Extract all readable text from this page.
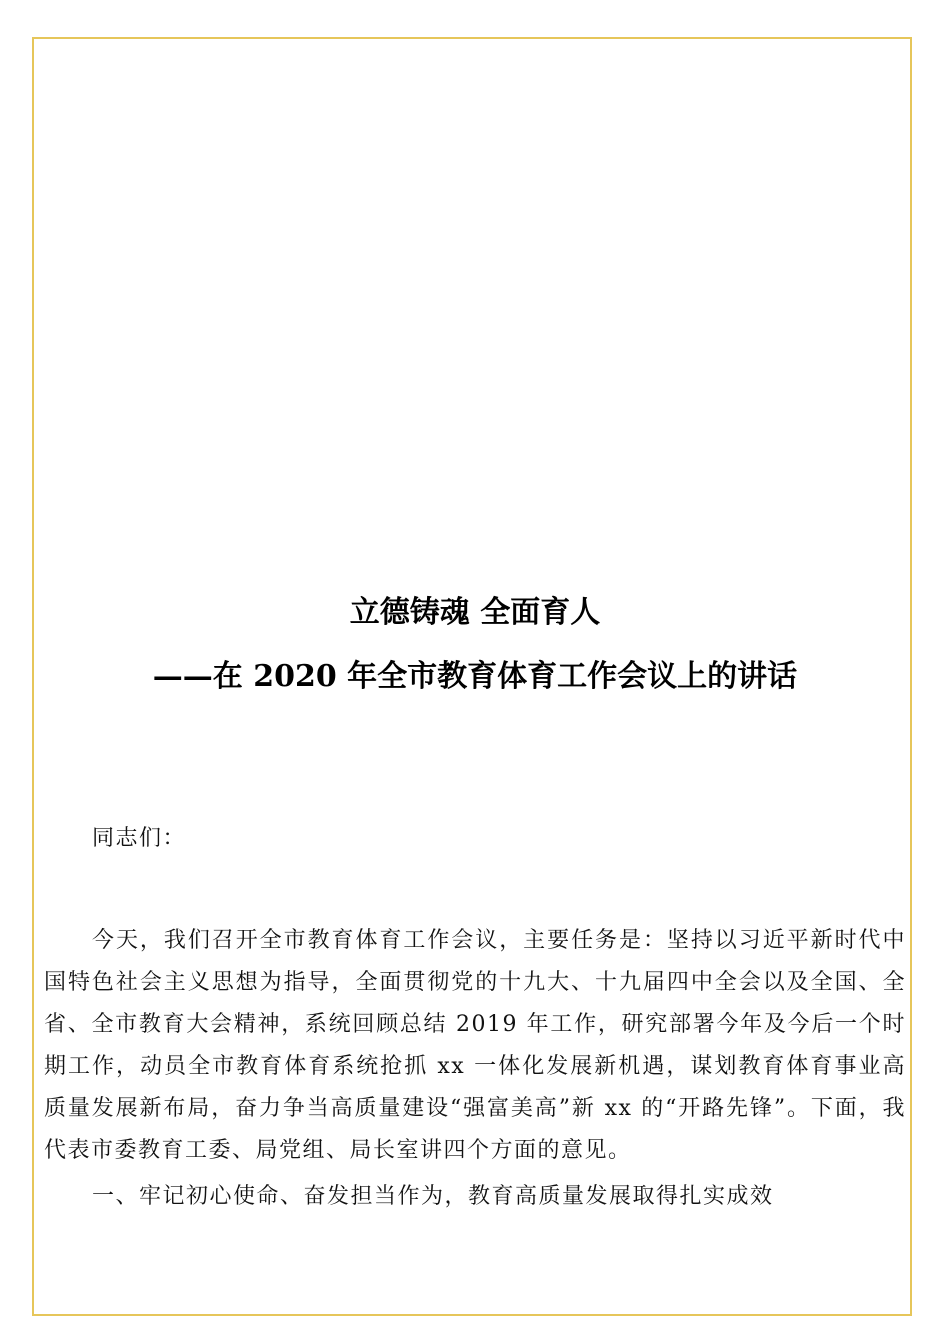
立德铸魂 全面育人
——在 2020 年全市教育体育工作会议上的讲话
同志们：
今天，我们召开全市教育体育工作会议，主要任务是：坚持以习近平新时代中国特色社会主义思想为指导，全面贯彻党的十九大、十九届四中全会以及全国、全省、全市教育大会精神，系统回顾总结 2019 年工作，研究部署今年及今后一个时期工作，动员全市教育体育系统抢抓 xx 一体化发展新机遇，谋划教育体育事业高质量发展新布局，奋力争当高质量建设“强富美高”新 xx 的“开路先锋”。下面，我代表市委教育工委、局党组、局长室讲四个方面的意见。
一、牢记初心使命、奋发担当作为，教育高质量发展取得扎实成效
